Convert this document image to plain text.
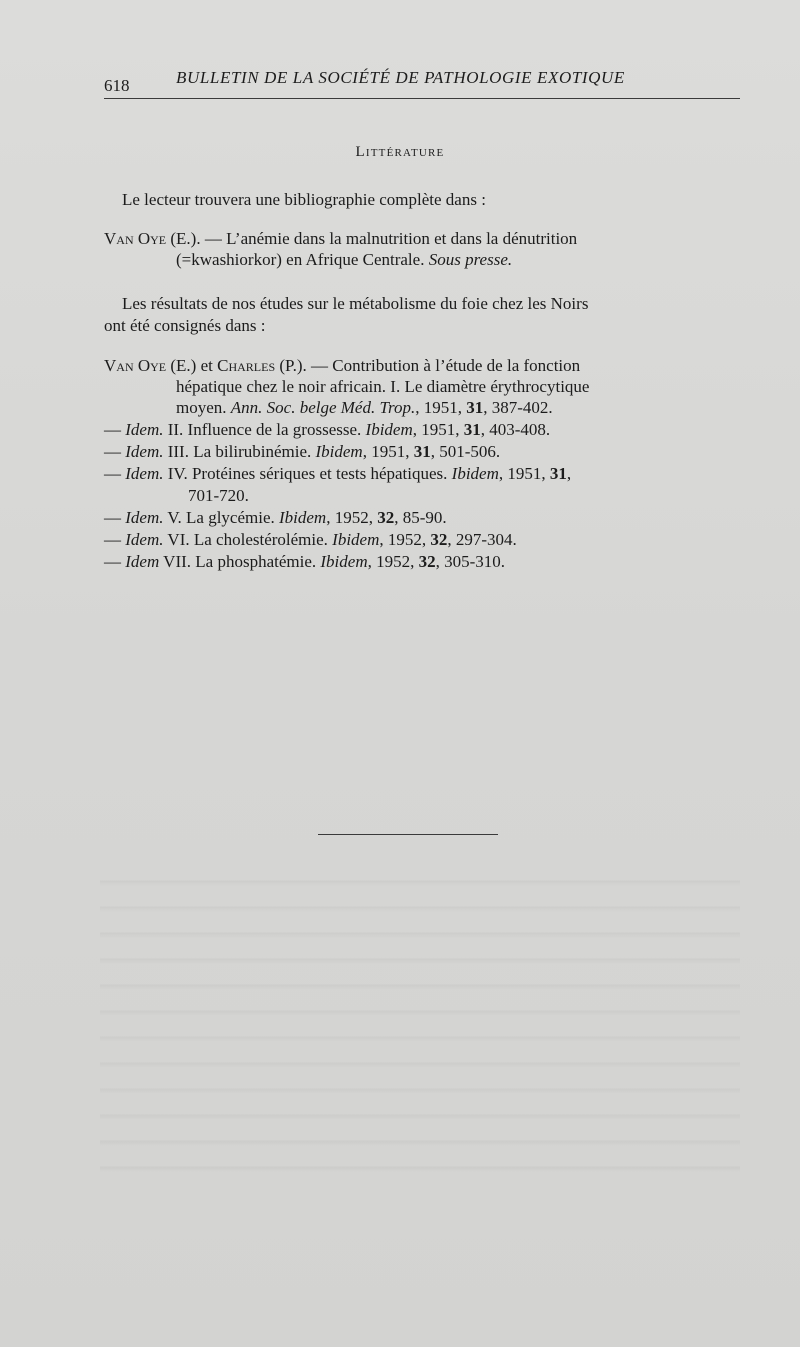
618	BULLETIN DE LA SOCIÉTÉ DE PATHOLOGIE EXOTIQUE
Littérature
Le lecteur trouvera une bibliographie complète dans :
Van Oye (E.). — L’anémie dans la malnutrition et dans la dénutrition
(=kwashiorkor) en Afrique Centrale. Sous presse.
Les résultats de nos études sur le métabolisme du foie chez les Noirs
ont été consignés dans :
Van Oye (E.) et Charles (P.). — Contribution à l’étude de la fonction
hépatique chez le noir africain. I. Le diamètre érythrocytique
moyen. Ann. Soc. belge Méd. Trop., 1951, 31, 387-402.
— Idem. II. Influence de la grossesse. Ibidem, 1951, 31, 403-408.
— Idem. III. La bilirubinémie. Ibidem, 1951, 31, 501-506.
— Idem. IV. Protéines sériques et tests hépatiques. Ibidem, 1951, 31,
701-720.
— Idem. V. La glycémie. Ibidem, 1952, 32, 85-90.
— Idem. VI. La cholestérolémie. Ibidem, 1952, 32, 297-304.
— Idem VII. La phosphatémie. Ibidem, 1952, 32, 305-310.
